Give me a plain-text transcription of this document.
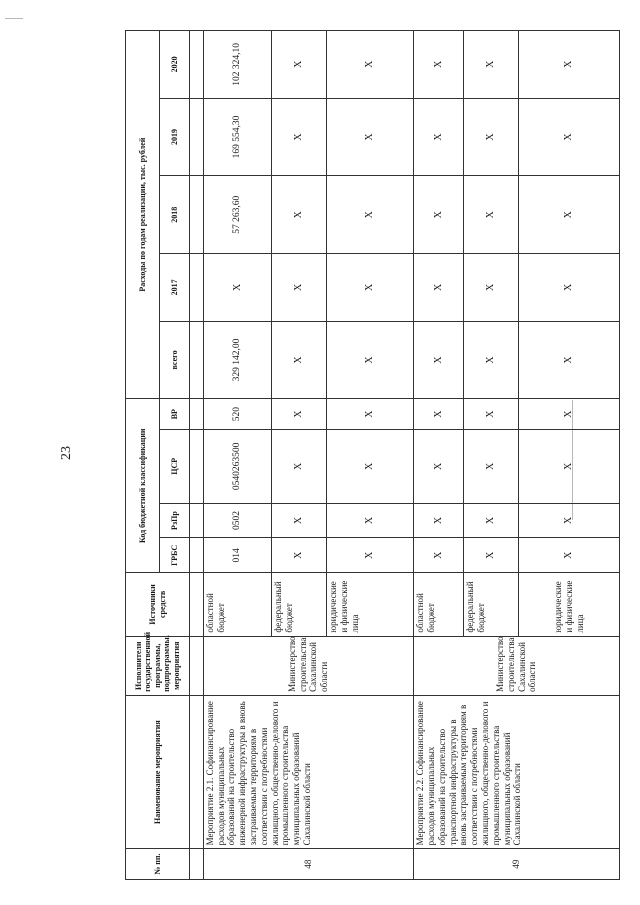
23
№ пп.	Наименование мероприятия	Исполнители государственной программы, подпрограммы, мероприятия	Источники средств	Код бюджетной классификации				Расходы по годам реализации, тыс. рублей				
				ГРБС	РзПр	ЦСР	ВР	всего	2017	2018	2019	2020

48	Мероприятие 2.1. Софинансирование расходов муниципальных образований на строительство инженерной инфраструктуры в вновь застраиваемым территориям в соответствии с потребностями жилищного, общественно-делового и промышленного строительства муниципальных образований Сахалинской области	Министерство строительства Сахалинской области	областной бюджет	014	0502	0540263500	520	329 142,00	X	57 263,60	169 554,30	102 324,10
			федеральный бюджет	X	X	X	X	X	X	X	X	X
			юридические и физические лица	X	X	X	X	X	X	X	X	X
49	Мероприятие 2.2. Софинансирование расходов муниципальных образований на строительство транспортной инфраструктуры в вновь застраиваемым территориям в соответствии с потребностями жилищного, общественно-делового и промышленного строительства муниципальных образований Сахалинской области	Министерство строительства Сахалинской области	областной бюджет	X	X	X	X	X	X	X	X	X
			федеральный бюджет	X	X	X	X	X	X	X	X	X
			юридические и физические лица	X	X	X	X	X	X	X	X	X
